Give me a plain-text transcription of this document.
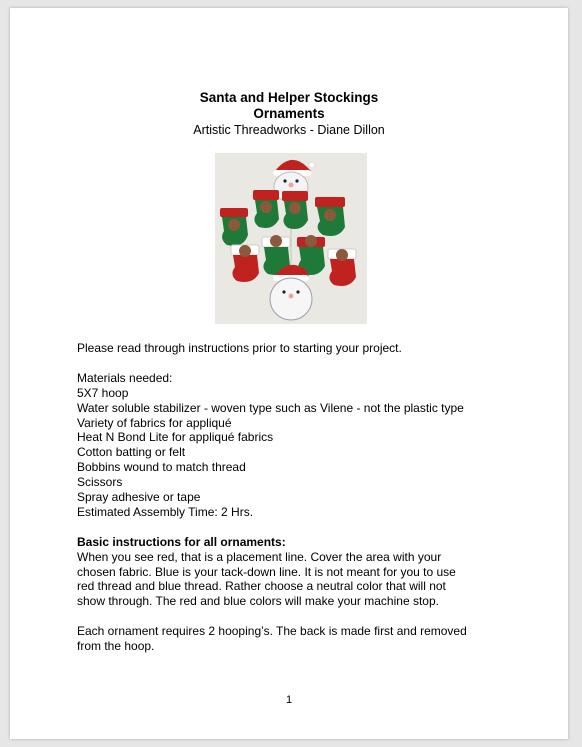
Santa and Helper Stockings
Ornaments
Artistic Threadworks - Diane Dillon

Please read through instructions prior to starting your project.

Materials needed:

5X7 hoop

Water soluble stabilizer - woven type such as Vilene - not the plastic type

Variety of fabrics for appliqué

Heat N Bond Lite for appliqué fabrics

Cotton batting or felt

Bobbins wound to match thread

Scissors

Spray adhesive or tape

Estimated Assembly Time: 2 Hrs.

Basic instructions for all ornaments:

When you see red, that is a placement line. Cover the area with your

chosen fabric. Blue is your tack-down line. It is not meant for you to use

red thread and blue thread. Rather choose a neutral color that will not

show through. The red and blue colors will make your machine stop.

Each ornament requires 2 hooping’s. The back is made first and removed

from the hoop.

1
